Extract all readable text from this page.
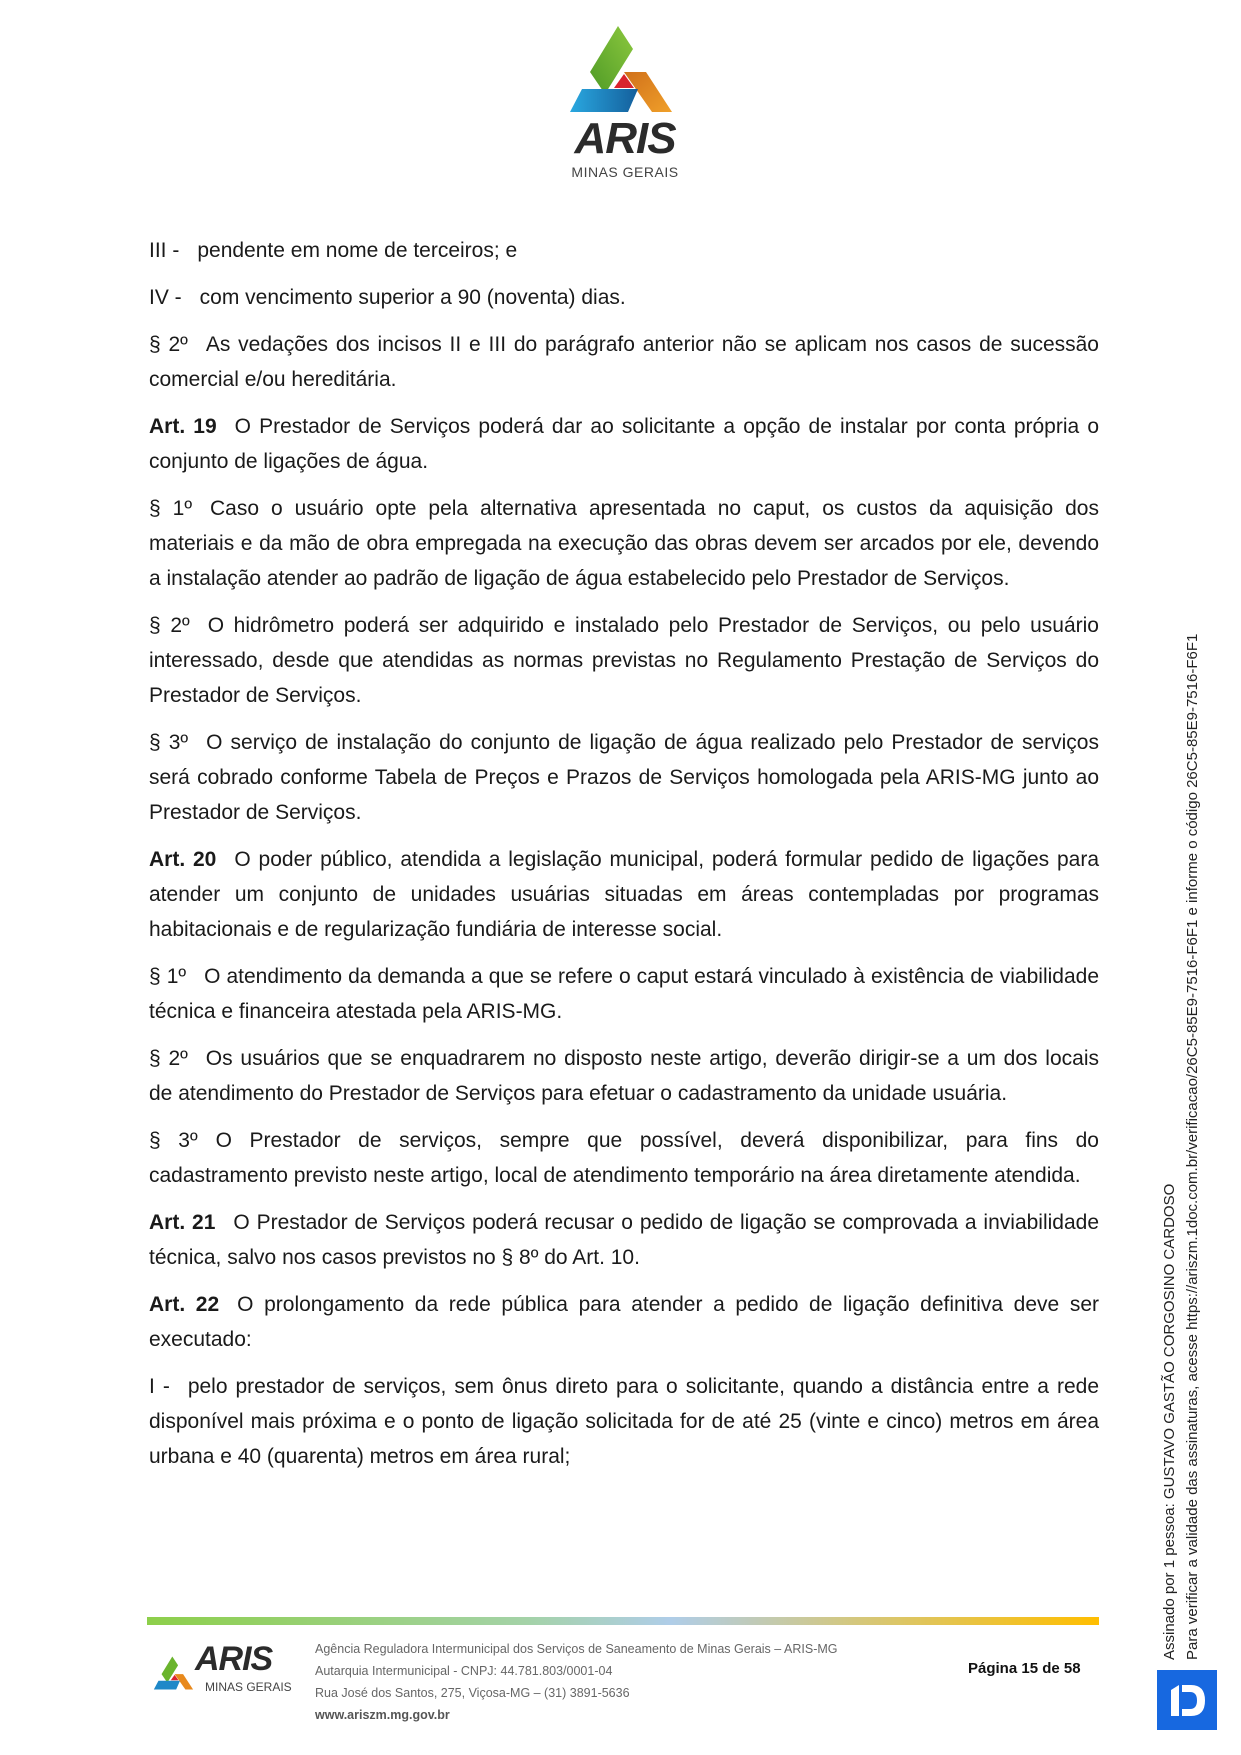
ARIS
MINAS GERAIS

III - pendente em nome de terceiros; e

IV - com vencimento superior a 90 (noventa) dias.

§ 2º As vedações dos incisos II e III do parágrafo anterior não se aplicam nos casos de sucessão comercial e/ou hereditária.

Art. 19 O Prestador de Serviços poderá dar ao solicitante a opção de instalar por conta própria o conjunto de ligações de água.

§ 1º Caso o usuário opte pela alternativa apresentada no caput, os custos da aquisição dos materiais e da mão de obra empregada na execução das obras devem ser arcados por ele, devendo a instalação atender ao padrão de ligação de água estabelecido pelo Prestador de Serviços.

§ 2º O hidrômetro poderá ser adquirido e instalado pelo Prestador de Serviços, ou pelo usuário interessado, desde que atendidas as normas previstas no Regulamento Prestação de Serviços do Prestador de Serviços.

§ 3º O serviço de instalação do conjunto de ligação de água realizado pelo Prestador de serviços será cobrado conforme Tabela de Preços e Prazos de Serviços homologada pela ARIS-MG junto ao Prestador de Serviços.

Art. 20 O poder público, atendida a legislação municipal, poderá formular pedido de ligações para atender um conjunto de unidades usuárias situadas em áreas contempladas por programas habitacionais e de regularização fundiária de interesse social.

§ 1º O atendimento da demanda a que se refere o caput estará vinculado à existência de viabilidade técnica e financeira atestada pela ARIS-MG.

§ 2º Os usuários que se enquadrarem no disposto neste artigo, deverão dirigir-se a um dos locais de atendimento do Prestador de Serviços para efetuar o cadastramento da unidade usuária.

§ 3º O Prestador de serviços, sempre que possível, deverá disponibilizar, para fins do cadastramento previsto neste artigo, local de atendimento temporário na área diretamente atendida.

Art. 21 O Prestador de Serviços poderá recusar o pedido de ligação se comprovada a inviabilidade técnica, salvo nos casos previstos no § 8º do Art. 10.

Art. 22 O prolongamento da rede pública para atender a pedido de ligação definitiva deve ser executado:

I - pelo prestador de serviços, sem ônus direto para o solicitante, quando a distância entre a rede disponível mais próxima e o ponto de ligação solicitada for de até 25 (vinte e cinco) metros em área urbana e 40 (quarenta) metros em área rural;

ARIS
MINAS GERAIS
Agência Reguladora Intermunicipal dos Serviços de Saneamento de Minas Gerais – ARIS-MG
Autarquia Intermunicipal - CNPJ: 44.781.803/0001-04
Rua José dos Santos, 275, Viçosa-MG – (31) 3891-5636
www.ariszm.mg.gov.br
Página 15 de 58
Assinado por 1 pessoa: GUSTAVO GASTÃO CORGOSINO CARDOSO Para verificar a validade das assinaturas, acesse https://ariszm.1doc.com.br/verificacao/26C5-85E9-7516-F6F1 e informe o código 26C5-85E9-7516-F6F1
